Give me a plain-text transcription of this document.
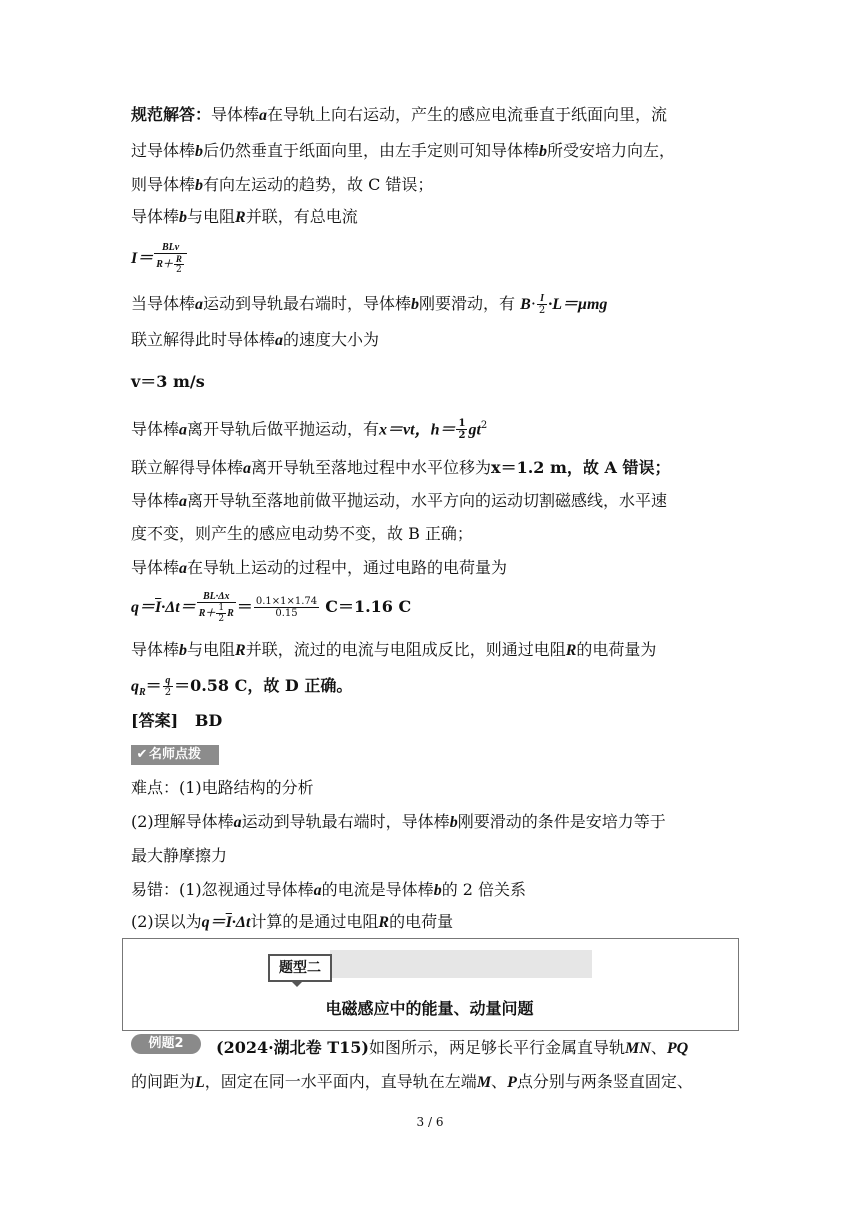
规范解答：导体棒a在导轨上向右运动，产生的感应电流垂直于纸面向里，流
过导体棒b后仍然垂直于纸面向里，由左手定则可知导体棒b所受安培力向左，
则导体棒b有向左运动的趋势，故 C 错误；
导体棒b与电阻R并联，有总电流
$I= \frac{\text{BLv}}{R+ \frac{R}{2}}$
当导体棒a运动到导轨最右端时，导体棒b刚要滑动，有 $B\cdot \frac{I}{2} \cdot L=\mu mg$
联立解得此时导体棒a的速度大小为
v＝3 m/s
导体棒a离开导轨后做平抛运动，有x＝vt，$h= \frac{1}{2} gt^2$
联立解得导体棒a离开导轨至落地过程中水平位移为x＝1.2 m，故 A 错误；
导体棒a离开导轨至落地前做平抛运动，水平方向的运动切割磁感线，水平速
度不变，则产生的感应电动势不变，故 B 正确；
导体棒a在导轨上运动的过程中，通过电路的电荷量为
$q=\overline{I}\cdot\Delta t= \frac{BL\cdot\Delta x}{R+ \frac{1}{2} R} = \frac{0.1\times 1\times 1.74}{0.15} C=1.16$ C
导体棒b与电阻R并联，流过的电流与电阻成反比，则通过电阻R的电荷量为
$q_R= \frac{q}{2} =0.58$ C，故 D 正确。
[答案] BD
✔ 名师点拨
难点：(1)电路结构的分析
(2)理解导体棒a运动到导轨最右端时，导体棒b刚要滑动的条件是安培力等于
最大静摩擦力
易错：(1)忽视通过导体棒a的电流是导体棒b的 2 倍关系
(2)误以为$q=\overline{I}\cdot\Delta t$计算的是通过电阻R的电荷量
题型二
电磁感应中的能量、动量问题
例题2	(2024·湖北卷 T15)如图所示，两足够长平行金属直导轨MN、PQ
的间距为L，固定在同一水平面内，直导轨在左端M、P点分别与两条竖直固定、
3 / 6
